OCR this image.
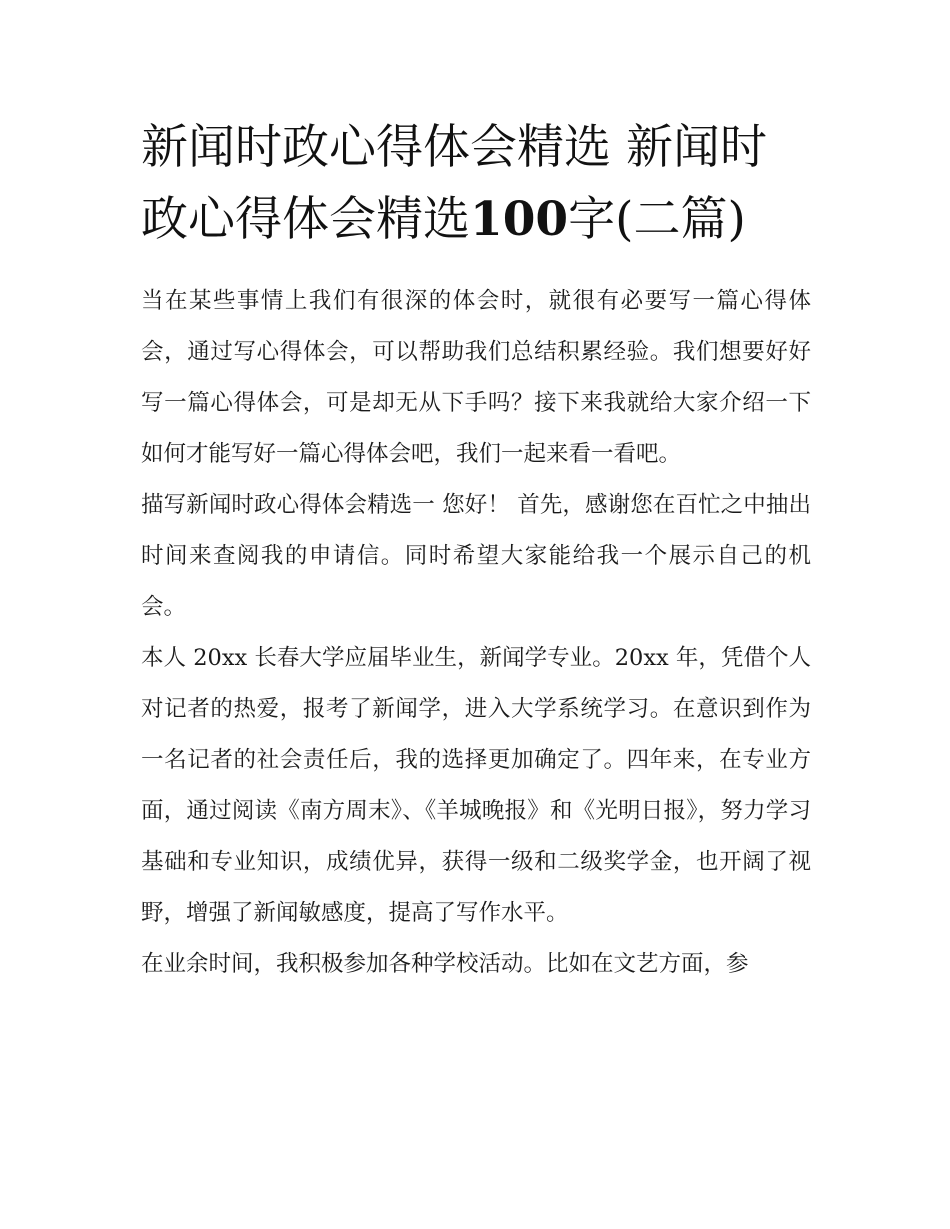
新闻时政心得体会精选 新闻时政心得体会精选100字(二篇)

当在某些事情上我们有很深的体会时，就很有必要写一篇心得体会，通过写心得体会，可以帮助我们总结积累经验。我们想要好好写一篇心得体会，可是却无从下手吗？接下来我就给大家介绍一下如何才能写好一篇心得体会吧，我们一起来看一看吧。

描写新闻时政心得体会精选一 您好！ 首先，感谢您在百忙之中抽出时间来查阅我的申请信。同时希望大家能给我一个展示自己的机会。

本人 20xx 长春大学应届毕业生，新闻学专业。20xx 年，凭借个人对记者的热爱，报考了新闻学，进入大学系统学习。在意识到作为一名记者的社会责任后，我的选择更加确定了。四年来，在专业方面，通过阅读《南方周末》、《羊城晚报》和《光明日报》，努力学习基础和专业知识，成绩优异，获得一级和二级奖学金，也开阔了视野，增强了新闻敏感度，提高了写作水平。

在业余时间，我积极参加各种学校活动。比如在文艺方面，参
